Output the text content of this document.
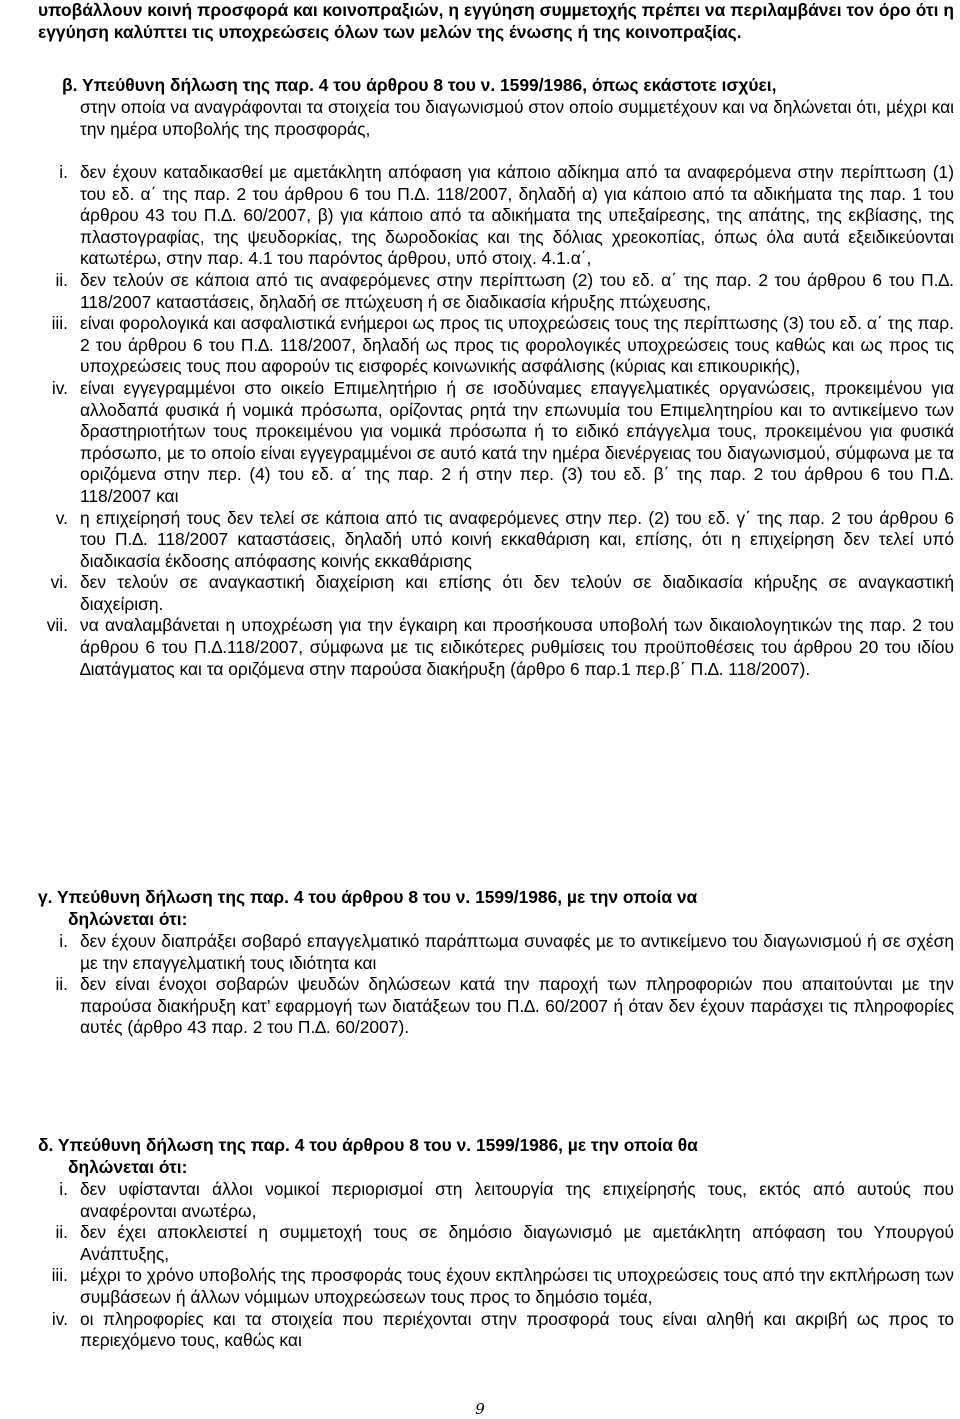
υποβάλλουν κοινή προσφορά και κοινοπραξιών, η εγγύηση συµµετοχής πρέπει να περιλαµβάνει τον όρο ότι η εγγύηση καλύπτει τις υποχρεώσεις όλων των µελών της ένωσης ή της κοινοπραξίας.

β. Υπεύθυνη δήλωση της παρ. 4 του άρθρου 8 του ν. 1599/1986, όπως εκάστοτε ισχύει,

στην οποία να αναγράφονται τα στοιχεία του διαγωνισµού στον οποίο συµµετέχουν και να δηλώνεται ότι, µέχρι και την ηµέρα υποβολής της προσφοράς,

i. δεν έχουν καταδικασθεί µε αµετάκλητη απόφαση για κάποιο αδίκηµα από τα αναφερόµενα στην περίπτωση (1) του εδ. α΄ της παρ. 2 του άρθρου 6 του Π.∆. 118/2007, δηλαδή α) για κάποιο από τα αδικήµατα της παρ. 1 του άρθρου 43 του Π.∆. 60/2007, β) για κάποιο από τα αδικήµατα της υπεξαίρεσης, της απάτης, της εκβίασης, της πλαστογραφίας, της ψευδορκίας, της δωροδοκίας και της δόλιας χρεοκοπίας, όπως όλα αυτά εξειδικεύονται κατωτέρω, στην παρ. 4.1 του παρόντος άρθρου, υπό στοιχ. 4.1.α΄,

ii. δεν τελούν σε κάποια από τις αναφερόµενες στην περίπτωση (2) του εδ. α΄ της παρ. 2 του άρθρου 6 του Π.∆. 118/2007 καταστάσεις, δηλαδή σε πτώχευση ή σε διαδικασία κήρυξης πτώχευσης,

iii. είναι φορολογικά και ασφαλιστικά ενήµεροι ως προς τις υποχρεώσεις τους της περίπτωσης (3) του εδ. α΄ της παρ. 2 του άρθρου 6 του Π.∆. 118/2007, δηλαδή ως προς τις φορολογικές υποχρεώσεις τους καθώς και ως προς τις υποχρεώσεις τους που αφορούν τις εισφορές κοινωνικής ασφάλισης (κύριας και επικουρικής),

iv. είναι εγγεγραµµένοι στο οικείο Επιµελητήριο ή σε ισοδύναµες επαγγελµατικές οργανώσεις, προκειµένου για αλλοδαπά φυσικά ή νοµικά πρόσωπα, ορίζοντας ρητά την επωνυµία του Επιµελητηρίου και το αντικείµενο των δραστηριοτήτων τους προκειµένου για νοµικά πρόσωπα ή το ειδικό επάγγελµα τους, προκειµένου για φυσικά πρόσωπο, µε το οποίο είναι εγγεγραµµένοι σε αυτό κατά την ηµέρα διενέργειας του διαγωνισµού, σύµφωνα µε τα οριζόµενα στην περ. (4) του εδ. α΄ της παρ. 2 ή στην περ. (3) του εδ. β΄ της παρ. 2 του άρθρου 6 του Π.∆. 118/2007 και

v. η επιχείρησή τους δεν τελεί σε κάποια από τις αναφερόµενες στην περ. (2) του εδ. γ΄ της παρ. 2 του άρθρου 6 του Π.∆. 118/2007 καταστάσεις, δηλαδή υπό κοινή εκκαθάριση και, επίσης, ότι η επιχείρηση δεν τελεί υπό διαδικασία έκδοσης απόφασης κοινής εκκαθάρισης

vi. δεν τελούν σε αναγκαστική διαχείριση και επίσης ότι δεν τελούν σε διαδικασία κήρυξης σε αναγκαστική διαχείριση.

vii. να αναλαµβάνεται η υποχρέωση για την έγκαιρη και προσήκουσα υποβολή των δικαιολογητικών της παρ. 2 του άρθρου 6 του Π.∆.118/2007, σύµφωνα µε τις ειδικότερες ρυθµίσεις του προϋποθέσεις του άρθρου 20 του ιδίου ∆ιατάγµατος και τα οριζόµενα στην παρούσα διακήρυξη (άρθρο 6 παρ.1 περ.β΄ Π.∆. 118/2007).

γ. Υπεύθυνη δήλωση της παρ. 4 του άρθρου 8 του ν. 1599/1986, µε την οποία να

δηλώνεται ότι:

i. δεν έχουν διαπράξει σοβαρό επαγγελµατικό παράπτωµα συναφές µε το αντικείµενο του διαγωνισµού ή σε σχέση µε την επαγγελµατική τους ιδιότητα και

ii. δεν είναι ένοχοι σοβαρών ψευδών δηλώσεων κατά την παροχή των πληροφοριών που απαιτούνται µε την παρούσα διακήρυξη κατ’ εφαρµογή των διατάξεων του Π.∆. 60/2007 ή όταν δεν έχουν παράσχει τις πληροφορίες αυτές (άρθρο 43 παρ. 2 του Π.∆. 60/2007).

δ. Υπεύθυνη δήλωση της παρ. 4 του άρθρου 8 του ν. 1599/1986, µε την οποία θα

δηλώνεται ότι:

i. δεν υφίστανται άλλοι νοµικοί περιορισµοί στη λειτουργία της επιχείρησής τους, εκτός από αυτούς που αναφέρονται ανωτέρω,

ii. δεν έχει αποκλειστεί η συµµετοχή τους σε δηµόσιο διαγωνισµό µε αµετάκλητη απόφαση του Υπουργού Ανάπτυξης,

iii. µέχρι το χρόνο υποβολής της προσφοράς τους έχουν εκπληρώσει τις υποχρεώσεις τους από την εκπλήρωση των συµβάσεων ή άλλων νόµιµων υποχρεώσεων τους προς το δηµόσιο τοµέα,

iv. οι πληροφορίες και τα στοιχεία που περιέχονται στην προσφορά τους είναι αληθή και ακριβή ως προς το περιεχόµενο τους, καθώς και

9
